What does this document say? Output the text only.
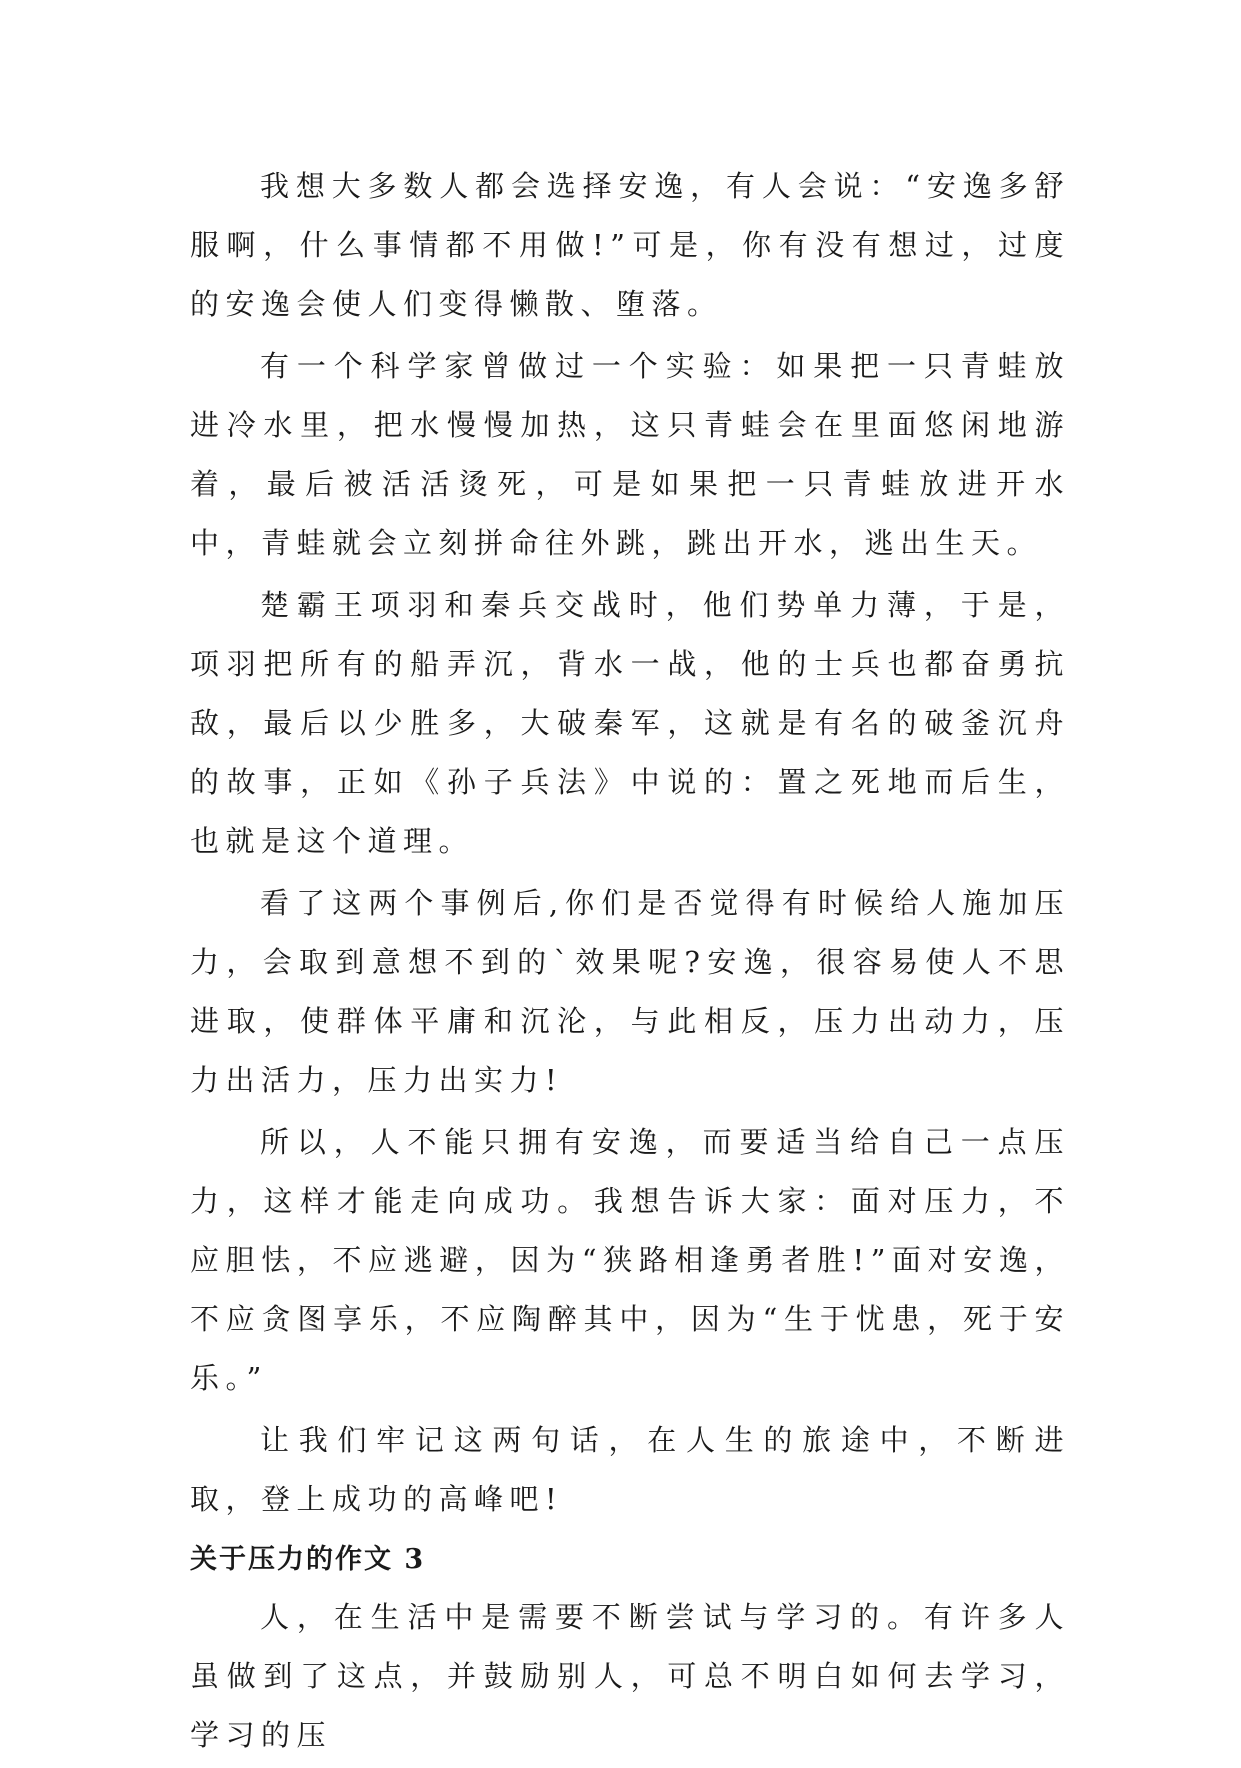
我想大多数人都会选择安逸，有人会说：“安逸多舒服啊，什么事情都不用做!”可是，你有没有想过，过度的安逸会使人们变得懒散、堕落。

有一个科学家曾做过一个实验：如果把一只青蛙放进冷水里，把水慢慢加热，这只青蛙会在里面悠闲地游着，最后被活活烫死，可是如果把一只青蛙放进开水中，青蛙就会立刻拼命往外跳，跳出开水，逃出生天。

楚霸王项羽和秦兵交战时，他们势单力薄，于是，项羽把所有的船弄沉，背水一战，他的士兵也都奋勇抗敌，最后以少胜多，大破秦军，这就是有名的破釜沉舟的故事，正如《孙子兵法》中说的：置之死地而后生，也就是这个道理。

看了这两个事例后,你们是否觉得有时候给人施加压力，会取到意想不到的`效果呢?安逸，很容易使人不思进取，使群体平庸和沉沦，与此相反，压力出动力，压力出活力，压力出实力!

所以，人不能只拥有安逸，而要适当给自己一点压力，这样才能走向成功。我想告诉大家：面对压力，不应胆怯，不应逃避，因为“狭路相逢勇者胜!”面对安逸，不应贪图享乐，不应陶醉其中，因为“生于忧患，死于安乐。”

让我们牢记这两句话，在人生的旅途中，不断进取，登上成功的高峰吧!

关于压力的作文 3

人，在生活中是需要不断尝试与学习的。有许多人虽做到了这点，并鼓励别人，可总不明白如何去学习，学习的压
